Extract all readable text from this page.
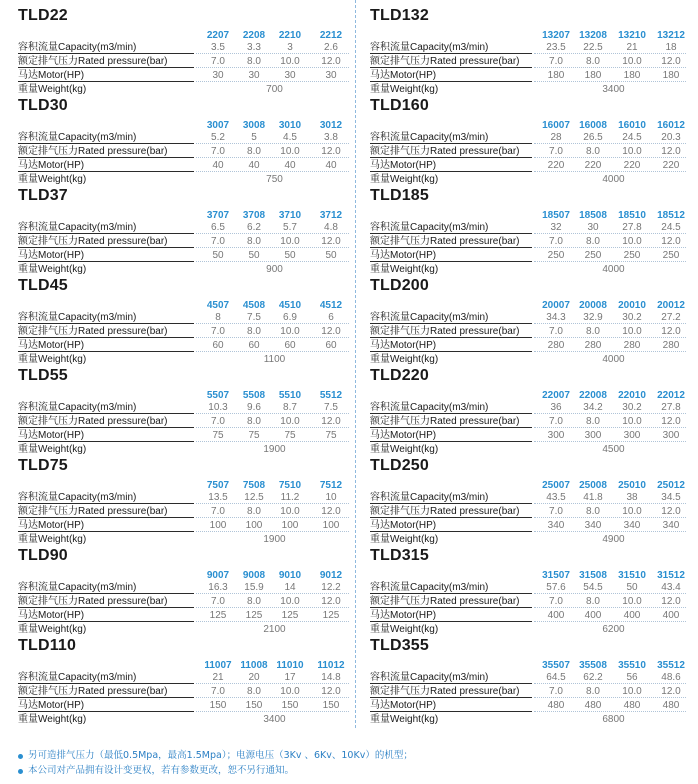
TLD22
2207	2208	2210	2212
容积流量Capacity(m3/min)	3.5	3.3	3	2.6
额定排气压力Rated pressure(bar)	7.0	8.0	10.0	12.0
马达Motor(HP)	30	30	30	30
重量Weight(kg)	700
TLD30
3007	3008	3010	3012
容积流量Capacity(m3/min)	5.2	5	4.5	3.8
额定排气压力Rated pressure(bar)	7.0	8.0	10.0	12.0
马达Motor(HP)	40	40	40	40
重量Weight(kg)	750
TLD37
3707	3708	3710	3712
容积流量Capacity(m3/min)	6.5	6.2	5.7	4.8
额定排气压力Rated pressure(bar)	7.0	8.0	10.0	12.0
马达Motor(HP)	50	50	50	50
重量Weight(kg)	900
TLD45
4507	4508	4510	4512
容积流量Capacity(m3/min)	8	7.5	6.9	6
额定排气压力Rated pressure(bar)	7.0	8.0	10.0	12.0
马达Motor(HP)	60	60	60	60
重量Weight(kg)	1100
TLD55
5507	5508	5510	5512
容积流量Capacity(m3/min)	10.3	9.6	8.7	7.5
额定排气压力Rated pressure(bar)	7.0	8.0	10.0	12.0
马达Motor(HP)	75	75	75	75
重量Weight(kg)	1900
TLD75
7507	7508	7510	7512
容积流量Capacity(m3/min)	13.5	12.5	11.2	10
额定排气压力Rated pressure(bar)	7.0	8.0	10.0	12.0
马达Motor(HP)	100	100	100	100
重量Weight(kg)	1900
TLD90
9007	9008	9010	9012
容积流量Capacity(m3/min)	16.3	15.9	14	12.2
额定排气压力Rated pressure(bar)	7.0	8.0	10.0	12.0
马达Motor(HP)	125	125	125	125
重量Weight(kg)	2100
TLD110
11007 11008 11010	11012
容积流量Capacity(m3/min)	21	20	17	14.8
额定排气压力Rated pressure(bar)	7.0	8.0	10.0	12.0
马达Motor(HP)	150	150	150	150
重量Weight(kg)	3400
TLD132
13207 13208	13210	13212
容积流量Capacity(m3/min)	23.5	22.5	21	18
额定排气压力Rated pressure(bar)	7.0	8.0	10.0	12.0
马达Motor(HP)	180	180	180	180
重量Weight(kg)	3400
TLD160
16007 16008	16010	16012
容积流量Capacity(m3/min)	28	26.5	24.5	20.3
额定排气压力Rated pressure(bar)	7.0	8.0	10.0	12.0
马达Motor(HP)	220	220	220	220
重量Weight(kg)	4000
TLD185
18507 18508	18510	18512
容积流量Capacity(m3/min)	32	30	27.8	24.5
额定排气压力Rated pressure(bar)	7.0	8.0	10.0	12.0
马达Motor(HP)	250	250	250	250
重量Weight(kg)	4000
TLD200
20007 20008	20010	20012
容积流量Capacity(m3/min)	34.3	32.9	30.2	27.2
额定排气压力Rated pressure(bar)	7.0	8.0	10.0	12.0
马达Motor(HP)	280	280	280	280
重量Weight(kg)	4000
TLD220
22007 22008	22010	22012
容积流量Capacity(m3/min)	36	34.2	30.2	27.8
额定排气压力Rated pressure(bar)	7.0	8.0	10.0	12.0
马达Motor(HP)	300	300	300	300
重量Weight(kg)	4500
TLD250
25007 25008	25010	25012
容积流量Capacity(m3/min)	43.5	41.8	38	34.5
额定排气压力Rated pressure(bar)	7.0	8.0	10.0	12.0
马达Motor(HP)	340	340	340	340
重量Weight(kg)	4900
TLD315
31507 31508	31510	31512
容积流量Capacity(m3/min)	57.6	54.5	50	43.4
额定排气压力Rated pressure(bar)	7.0	8.0	10.0	12.0
马达Motor(HP)	400	400	400	400
重量Weight(kg)	6200
TLD355
35507 35508	35510	35512
容积流量Capacity(m3/min)	64.5	62.2	56	48.6
额定排气压力Rated pressure(bar)	7.0	8.0	10.0	12.0
马达Motor(HP)	480	480	480	480
重量Weight(kg)	6800
另可造排气压力（最低0.5Mpa，最高1.5Mpa）；电源电压（3Kv 、6Kv、10Kv）的机型；
本公司对产品拥有设计变更权，若有参数更改，恕不另行通知。
